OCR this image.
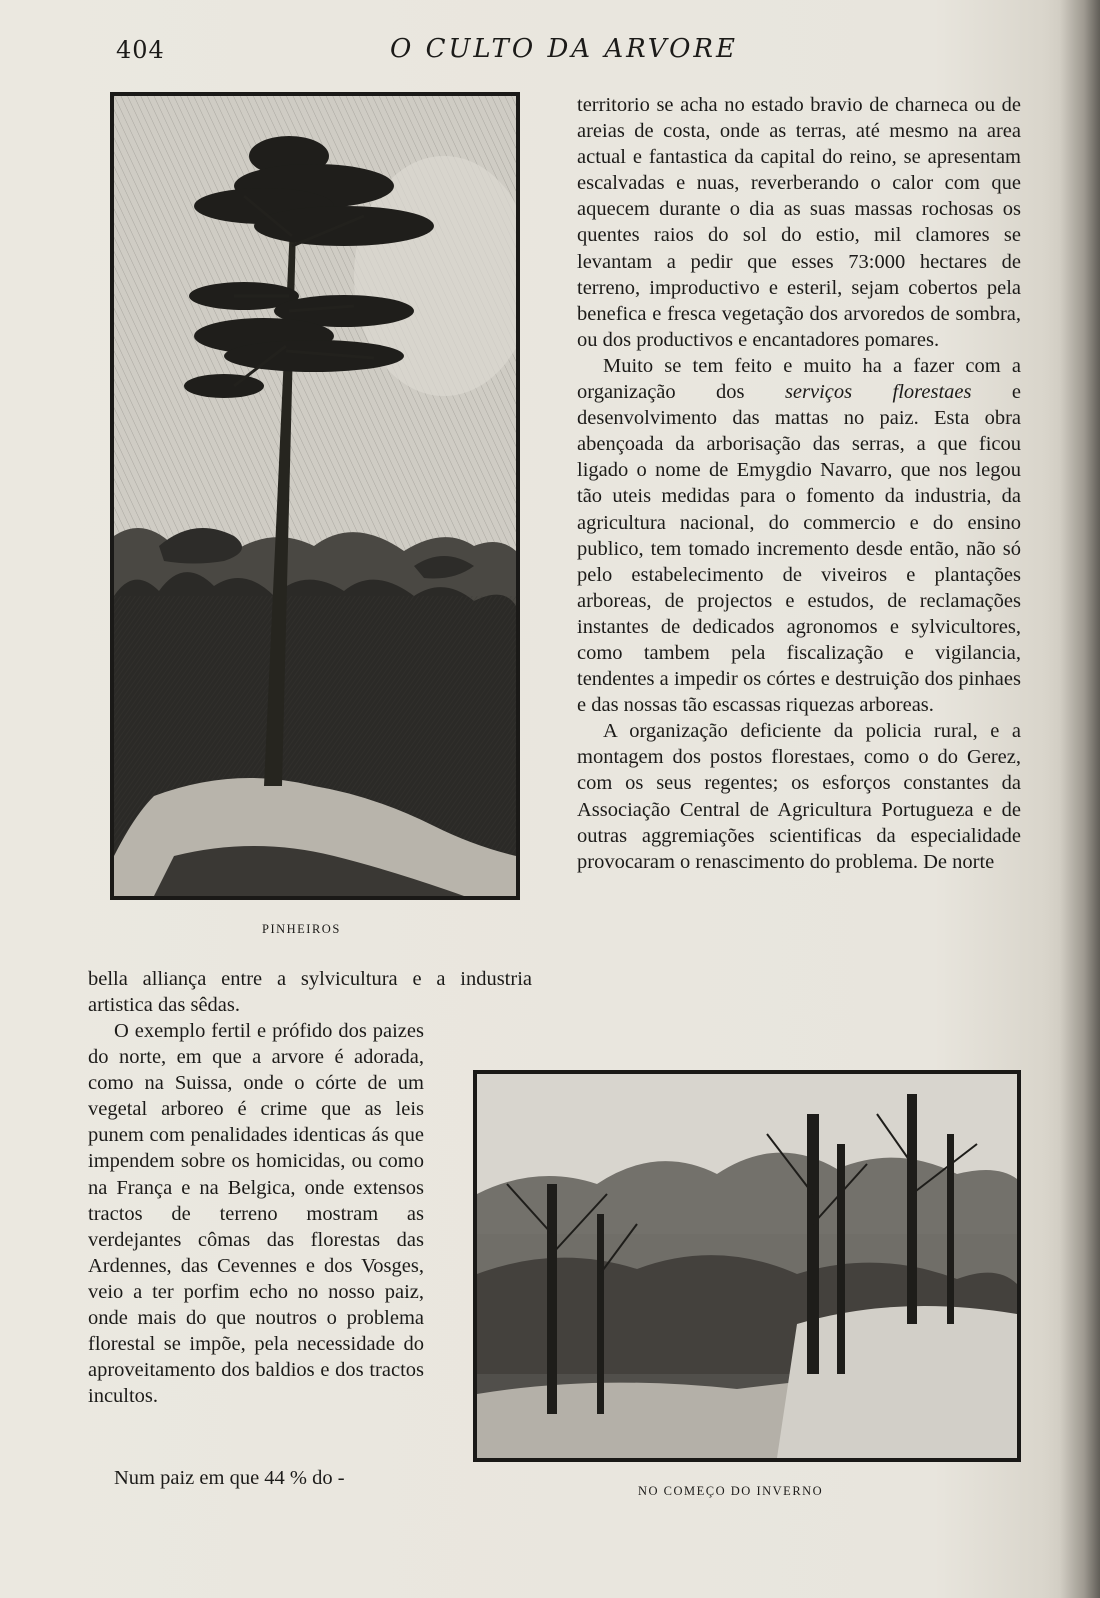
404	O CULTO DA ARVORE
PINHEIROS
NO COMEÇO DO INVERNO

territorio se acha no estado bravio de charneca ou de areias de costa, onde as terras, até mesmo na area actual e fantastica da capital do reino, se apresentam escalvadas e nuas, reverberando o calor com que aquecem durante o dia as suas massas rochosas os quentes raios do sol do estio, mil clamores se levantam a pedir que esses 73:000 hectares de terreno, improductivo e esteril, sejam cobertos pela benefica e fresca vegetação dos arvoredos de sombra, ou dos productivos e encantadores pomares.

Muito se tem feito e muito ha a fazer com a organização dos serviços florestaes e desenvolvimento das mattas no paiz. Esta obra abençoada da arborisação das serras, a que ficou ligado o nome de Emygdio Navarro, que nos legou tão uteis medidas para o fomento da industria, da agricultura nacional, do commercio e do ensino publico, tem tomado incremento desde então, não só pelo estabelecimento de viveiros e plantações arboreas, de projectos e estudos, de reclamações instantes de dedicados agronomos e sylvicultores, como tambem pela fiscalização e vigilancia, tendentes a impedir os córtes e destruição dos pinhaes e das nossas tão escassas riquezas arboreas.

A organização deficiente da policia rural, e a montagem dos postos florestaes, como o do Gerez, com os seus regentes; os esforços constantes da Associação Central de Agricultura Portugueza e de outras aggremiações scientificas da especialidade provocaram o renascimento do problema. De norte

bella alliança entre a sylvicultura e a industria artistica das sêdas.

O exemplo fertil e prófido dos paizes do norte, em que a arvore é adorada, como na Suissa, onde o córte de um vegetal arboreo é crime que as leis punem com penalidades identicas ás que impendem sobre os homicidas, ou como na França e na Belgica, onde extensos tractos de terreno mostram as verdejantes cômas das florestas das Ardennes, das Cevennes e dos Vosges, veio a ter porfim echo no nosso paiz, onde mais do que noutros o problema florestal se impõe, pela necessidade do aproveitamento dos baldios e dos tractos incultos.

Num paiz em que 44 % do -
